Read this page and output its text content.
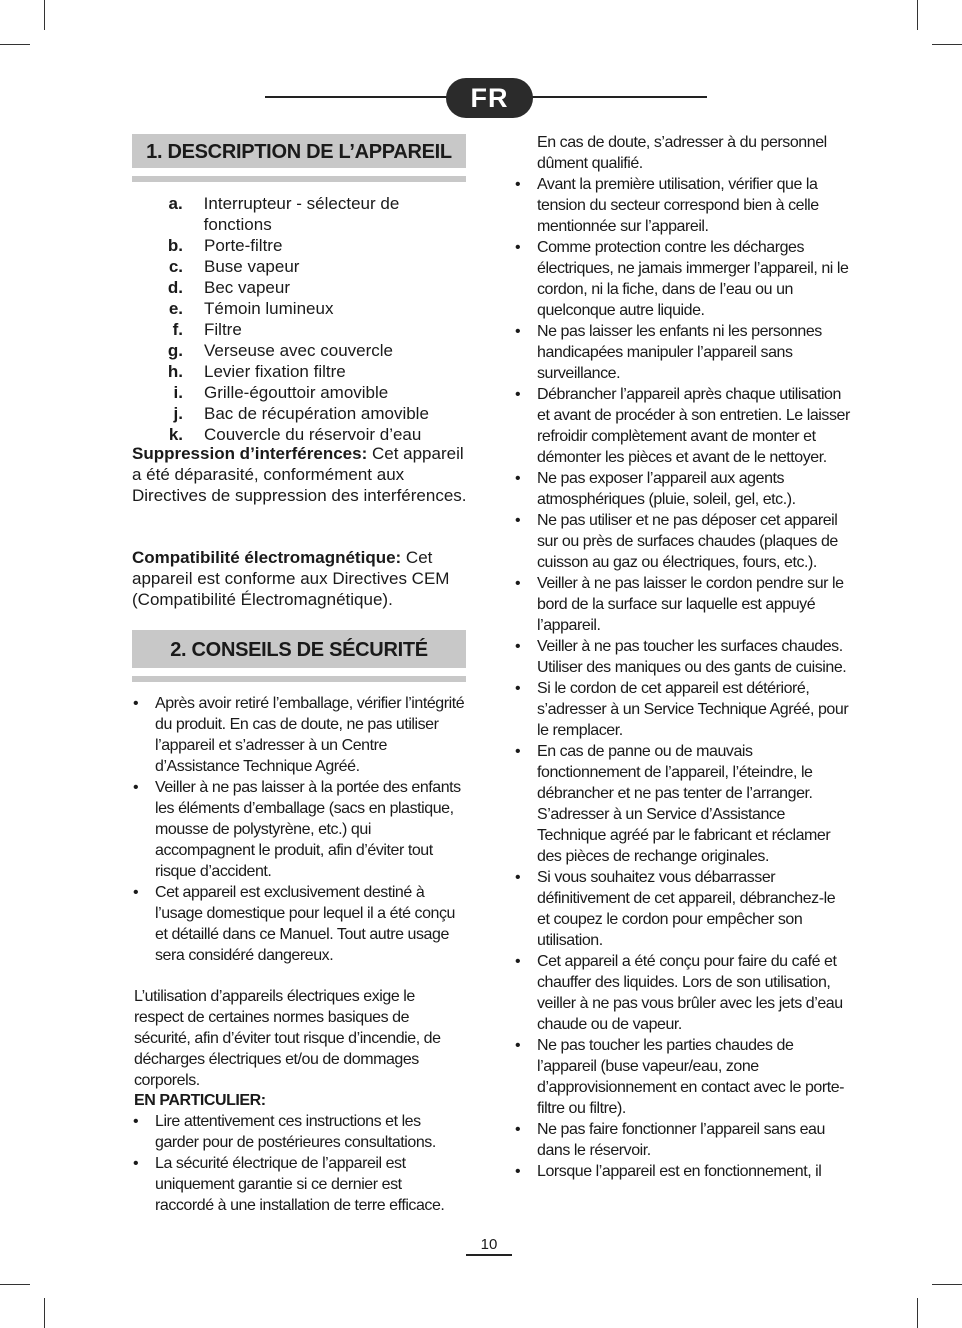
FR
1. DESCRIPTION DE L’APPAREIL
a.	Interrupteur - sélecteur de fonctions
b.	Porte-filtre
c.	Buse vapeur
d.	Bec vapeur
e.	Témoin lumineux
f.	Filtre
g.	Verseuse avec couvercle
h.	Levier fixation filtre
i.	Grille-égouttoir amovible
j.	Bac de récupération amovible
k.	Couvercle du réservoir d’eau
Suppression d’interférences: Cet appareil a été déparasité, conformément aux Directives de suppression des interférences.
Compatibilité électromagnétique: Cet appareil est conforme aux Directives CEM (Compatibilité Électromagnétique).
2. CONSEILS DE SÉCURITÉ
• Après avoir retiré l’emballage, vérifier l’intégrité du produit. En cas de doute, ne pas utiliser l’appareil et s’adresser à un Centre d’Assistance Technique Agréé.
• Veiller à ne pas laisser à la portée des enfants les éléments d’emballage (sacs en plastique, mousse de polystyrène, etc.) qui accompagnent le produit, afin d’éviter tout risque d’accident.
• Cet appareil est exclusivement destiné à l’usage domestique pour lequel il a été conçu et détaillé dans ce Manuel. Tout autre usage sera considéré dangereux.
L’utilisation d’appareils électriques exige le respect de certaines normes basiques de sécurité, afin d’éviter tout risque d’incendie, de décharges électriques et/ou de dommages corporels.
EN PARTICULIER:
• Lire attentivement ces instructions et les garder pour de postérieures consultations.
• La sécurité électrique de l’appareil est uniquement garantie si ce dernier est raccordé à une installation de terre efficace.
En cas de doute, s’adresser à du personnel dûment qualifié.
• Avant la première utilisation, vérifier que la tension du secteur correspond bien à celle mentionnée sur l’appareil.
• Comme protection contre les décharges électriques, ne jamais immerger l’appareil, ni le cordon, ni la fiche, dans de l’eau ou un quelconque autre liquide.
• Ne pas laisser les enfants ni les personnes handicapées manipuler l’appareil sans surveillance.
• Débrancher l’appareil après chaque utilisation et avant de procéder à son entretien. Le laisser refroidir complètement avant de monter et démonter les pièces et avant de le nettoyer.
• Ne pas exposer l’appareil aux agents atmosphériques (pluie, soleil, gel, etc.).
• Ne pas utiliser et ne pas déposer cet appareil sur ou près de surfaces chaudes (plaques de cuisson au gaz ou électriques, fours, etc.).
• Veiller à ne pas laisser le cordon pendre sur le bord de la surface sur laquelle est appuyé l’appareil.
• Veiller à ne pas toucher les surfaces chaudes. Utiliser des maniques ou des gants de cuisine.
• Si le cordon de cet appareil est détérioré, s’adresser à un Service Technique Agréé, pour le remplacer.
• En cas de panne ou de mauvais fonctionnement de l’appareil, l’éteindre, le débrancher et ne pas tenter de l’arranger. S’adresser à un Service d’Assistance Technique agréé par le fabricant et réclamer des pièces de rechange originales.
• Si vous souhaitez vous débarrasser définitivement de cet appareil, débranchez-le et coupez le cordon pour empêcher son utilisation.
• Cet appareil a été conçu pour faire du café et chauffer des liquides. Lors de son utilisation, veiller à ne pas vous brûler avec les jets d’eau chaude ou de vapeur.
• Ne pas toucher les parties chaudes de l’appareil (buse vapeur/eau, zone d’approvisionnement en contact avec le porte-filtre ou filtre).
• Ne pas faire fonctionner l’appareil sans eau dans le réservoir.
• Lorsque l’appareil est en fonctionnement, il
10
